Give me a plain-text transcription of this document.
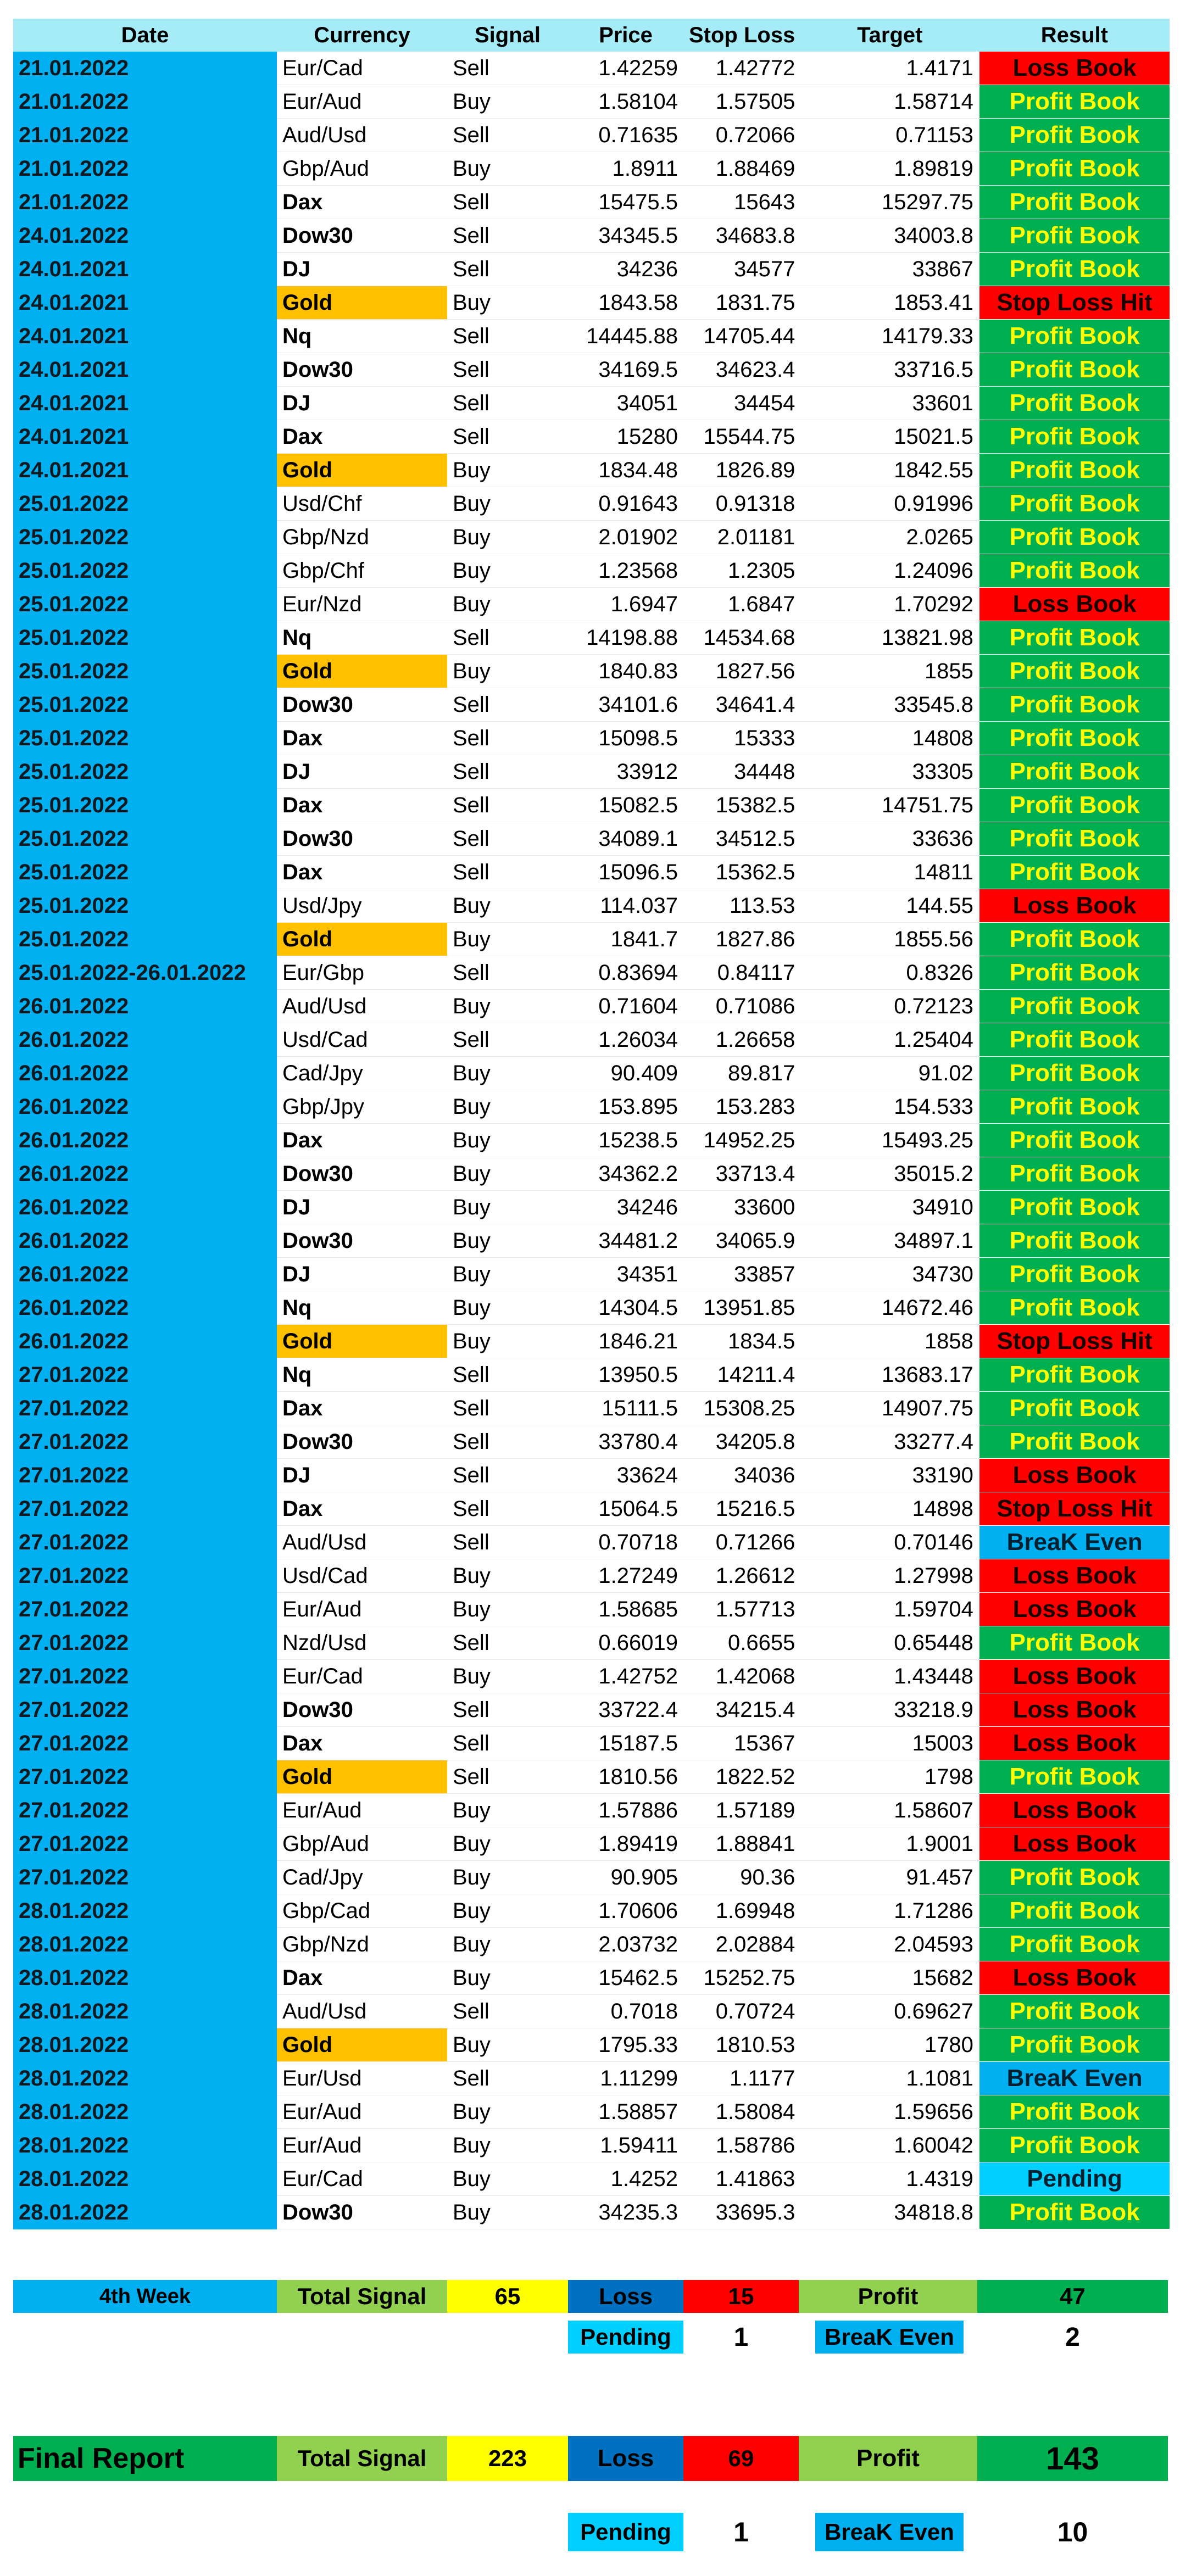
Date	Currency	Signal	Price	Stop Loss	Target	Result
21.01.2022	Eur/Cad	Sell	1.42259	1.42772	1.4171	Loss Book
21.01.2022	Eur/Aud	Buy	1.58104	1.57505	1.58714	Profit Book
21.01.2022	Aud/Usd	Sell	0.71635	0.72066	0.71153	Profit Book
21.01.2022	Gbp/Aud	Buy	1.8911	1.88469	1.89819	Profit Book
21.01.2022	Dax	Sell	15475.5	15643	15297.75	Profit Book
24.01.2022	Dow30	Sell	34345.5	34683.8	34003.8	Profit Book
24.01.2021	DJ	Sell	34236	34577	33867	Profit Book
24.01.2021	Gold	Buy	1843.58	1831.75	1853.41	Stop Loss Hit
24.01.2021	Nq	Sell	14445.88	14705.44	14179.33	Profit Book
24.01.2021	Dow30	Sell	34169.5	34623.4	33716.5	Profit Book
24.01.2021	DJ	Sell	34051	34454	33601	Profit Book
24.01.2021	Dax	Sell	15280	15544.75	15021.5	Profit Book
24.01.2021	Gold	Buy	1834.48	1826.89	1842.55	Profit Book
25.01.2022	Usd/Chf	Buy	0.91643	0.91318	0.91996	Profit Book
25.01.2022	Gbp/Nzd	Buy	2.01902	2.01181	2.0265	Profit Book
25.01.2022	Gbp/Chf	Buy	1.23568	1.2305	1.24096	Profit Book
25.01.2022	Eur/Nzd	Buy	1.6947	1.6847	1.70292	Loss Book
25.01.2022	Nq	Sell	14198.88	14534.68	13821.98	Profit Book
25.01.2022	Gold	Buy	1840.83	1827.56	1855	Profit Book
25.01.2022	Dow30	Sell	34101.6	34641.4	33545.8	Profit Book
25.01.2022	Dax	Sell	15098.5	15333	14808	Profit Book
25.01.2022	DJ	Sell	33912	34448	33305	Profit Book
25.01.2022	Dax	Sell	15082.5	15382.5	14751.75	Profit Book
25.01.2022	Dow30	Sell	34089.1	34512.5	33636	Profit Book
25.01.2022	Dax	Sell	15096.5	15362.5	14811	Profit Book
25.01.2022	Usd/Jpy	Buy	114.037	113.53	144.55	Loss Book
25.01.2022	Gold	Buy	1841.7	1827.86	1855.56	Profit Book
25.01.2022-26.01.2022	Eur/Gbp	Sell	0.83694	0.84117	0.8326	Profit Book
26.01.2022	Aud/Usd	Buy	0.71604	0.71086	0.72123	Profit Book
26.01.2022	Usd/Cad	Sell	1.26034	1.26658	1.25404	Profit Book
26.01.2022	Cad/Jpy	Buy	90.409	89.817	91.02	Profit Book
26.01.2022	Gbp/Jpy	Buy	153.895	153.283	154.533	Profit Book
26.01.2022	Dax	Buy	15238.5	14952.25	15493.25	Profit Book
26.01.2022	Dow30	Buy	34362.2	33713.4	35015.2	Profit Book
26.01.2022	DJ	Buy	34246	33600	34910	Profit Book
26.01.2022	Dow30	Buy	34481.2	34065.9	34897.1	Profit Book
26.01.2022	DJ	Buy	34351	33857	34730	Profit Book
26.01.2022	Nq	Buy	14304.5	13951.85	14672.46	Profit Book
26.01.2022	Gold	Buy	1846.21	1834.5	1858	Stop Loss Hit
27.01.2022	Nq	Sell	13950.5	14211.4	13683.17	Profit Book
27.01.2022	Dax	Sell	15111.5	15308.25	14907.75	Profit Book
27.01.2022	Dow30	Sell	33780.4	34205.8	33277.4	Profit Book
27.01.2022	DJ	Sell	33624	34036	33190	Loss Book
27.01.2022	Dax	Sell	15064.5	15216.5	14898	Stop Loss Hit
27.01.2022	Aud/Usd	Sell	0.70718	0.71266	0.70146	BreaK Even
27.01.2022	Usd/Cad	Buy	1.27249	1.26612	1.27998	Loss Book
27.01.2022	Eur/Aud	Buy	1.58685	1.57713	1.59704	Loss Book
27.01.2022	Nzd/Usd	Sell	0.66019	0.6655	0.65448	Profit Book
27.01.2022	Eur/Cad	Buy	1.42752	1.42068	1.43448	Loss Book
27.01.2022	Dow30	Sell	33722.4	34215.4	33218.9	Loss Book
27.01.2022	Dax	Sell	15187.5	15367	15003	Loss Book
27.01.2022	Gold	Sell	1810.56	1822.52	1798	Profit Book
27.01.2022	Eur/Aud	Buy	1.57886	1.57189	1.58607	Loss Book
27.01.2022	Gbp/Aud	Buy	1.89419	1.88841	1.9001	Loss Book
27.01.2022	Cad/Jpy	Buy	90.905	90.36	91.457	Profit Book
28.01.2022	Gbp/Cad	Buy	1.70606	1.69948	1.71286	Profit Book
28.01.2022	Gbp/Nzd	Buy	2.03732	2.02884	2.04593	Profit Book
28.01.2022	Dax	Buy	15462.5	15252.75	15682	Loss Book
28.01.2022	Aud/Usd	Sell	0.7018	0.70724	0.69627	Profit Book
28.01.2022	Gold	Buy	1795.33	1810.53	1780	Profit Book
28.01.2022	Eur/Usd	Sell	1.11299	1.1177	1.1081	BreaK Even
28.01.2022	Eur/Aud	Buy	1.58857	1.58084	1.59656	Profit Book
28.01.2022	Eur/Aud	Buy	1.59411	1.58786	1.60042	Profit Book
28.01.2022	Eur/Cad	Buy	1.4252	1.41863	1.4319	Pending
28.01.2022	Dow30	Buy	34235.3	33695.3	34818.8	Profit Book
4th Week	Total Signal	65	Loss	15	Profit	47
Pending	1	BreaK Even	2
Final Report	Total Signal	223	Loss	69	Profit	143
Pending	1	BreaK Even	10
